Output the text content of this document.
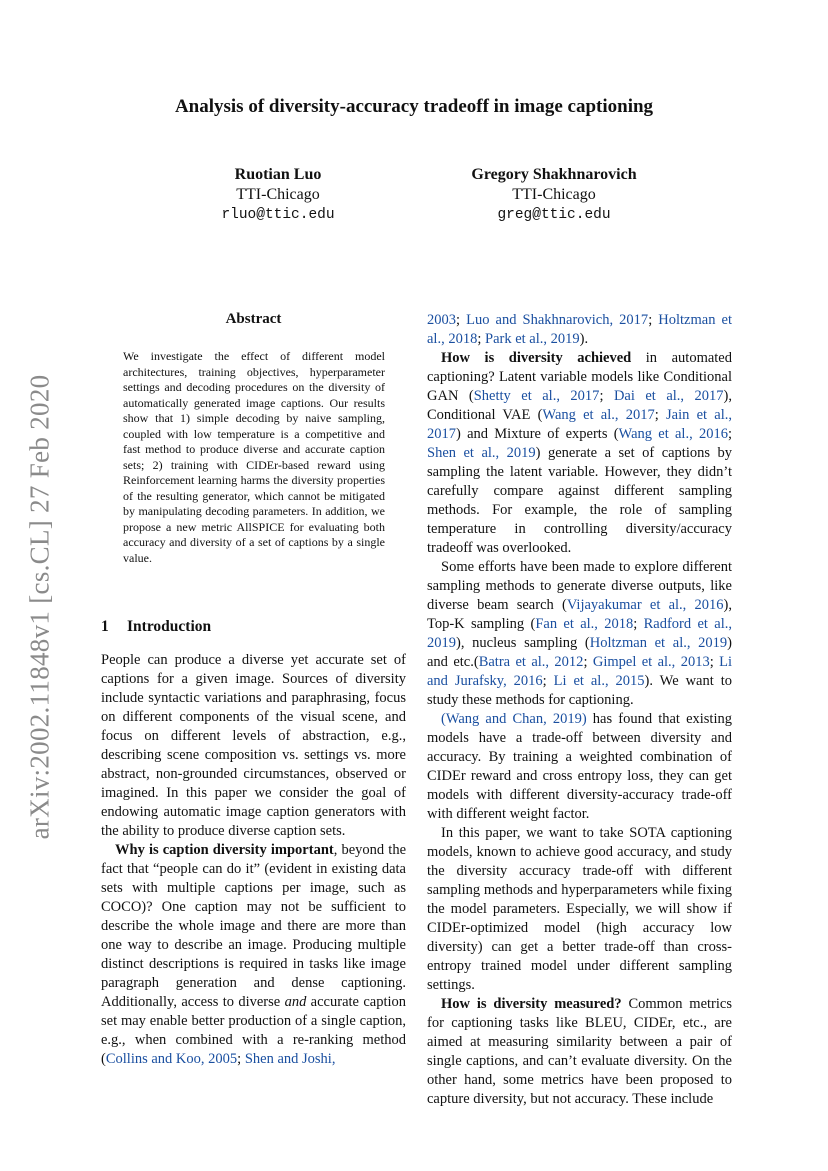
arXiv:2002.11848v1 [cs.CL] 27 Feb 2020
Analysis of diversity-accuracy tradeoff in image captioning
Ruotian Luo
TTI-Chicago
rluo@ttic.edu
Gregory Shakhnarovich
TTI-Chicago
greg@ttic.edu
Abstract

We investigate the effect of different model architectures, training objectives, hyperparameter settings and decoding procedures on the diversity of automatically generated image captions. Our results show that 1) simple decoding by naive sampling, coupled with low temperature is a competitive and fast method to produce diverse and accurate caption sets; 2) training with CIDEr-based reward using Reinforcement learning harms the diversity properties of the resulting generator, which cannot be mitigated by manipulating decoding parameters. In addition, we propose a new metric AllSPICE for evaluating both accuracy and diversity of a set of captions by a single value.

1 Introduction

People can produce a diverse yet accurate set of captions for a given image. Sources of diversity include syntactic variations and paraphrasing, focus on different components of the visual scene, and focus on different levels of abstraction, e.g., describing scene composition vs. settings vs. more abstract, non-grounded circumstances, observed or imagined. In this paper we consider the goal of endowing automatic image caption generators with the ability to produce diverse caption sets.

Why is caption diversity important, beyond the fact that “people can do it” (evident in existing data sets with multiple captions per image, such as COCO)? One caption may not be sufficient to describe the whole image and there are more than one way to describe an image. Producing multiple distinct descriptions is required in tasks like image paragraph generation and dense captioning. Additionally, access to diverse and accurate caption set may enable better production of a single caption, e.g., when combined with a re-ranking method (Collins and Koo, 2005; Shen and Joshi,

2003; Luo and Shakhnarovich, 2017; Holtzman et al., 2018; Park et al., 2019).

How is diversity achieved in automated captioning? Latent variable models like Conditional GAN (Shetty et al., 2017; Dai et al., 2017), Conditional VAE (Wang et al., 2017; Jain et al., 2017) and Mixture of experts (Wang et al., 2016; Shen et al., 2019) generate a set of captions by sampling the latent variable. However, they didn’t carefully compare against different sampling methods. For example, the role of sampling temperature in controlling diversity/accuracy tradeoff was overlooked.

Some efforts have been made to explore different sampling methods to generate diverse outputs, like diverse beam search (Vijayakumar et al., 2016), Top-K sampling (Fan et al., 2018; Radford et al., 2019), nucleus sampling (Holtzman et al., 2019) and etc.(Batra et al., 2012; Gimpel et al., 2013; Li and Jurafsky, 2016; Li et al., 2015). We want to study these methods for captioning.

(Wang and Chan, 2019) has found that existing models have a trade-off between diversity and accuracy. By training a weighted combination of CIDEr reward and cross entropy loss, they can get models with different diversity-accuracy trade-off with different weight factor.

In this paper, we want to take SOTA captioning models, known to achieve good accuracy, and study the diversity accuracy trade-off with different sampling methods and hyperparameters while fixing the model parameters. Especially, we will show if CIDEr-optimized model (high accuracy low diversity) can get a better trade-off than cross-entropy trained model under different sampling settings.

How is diversity measured? Common metrics for captioning tasks like BLEU, CIDEr, etc., are aimed at measuring similarity between a pair of single captions, and can’t evaluate diversity. On the other hand, some metrics have been proposed to capture diversity, but not accuracy. These include
